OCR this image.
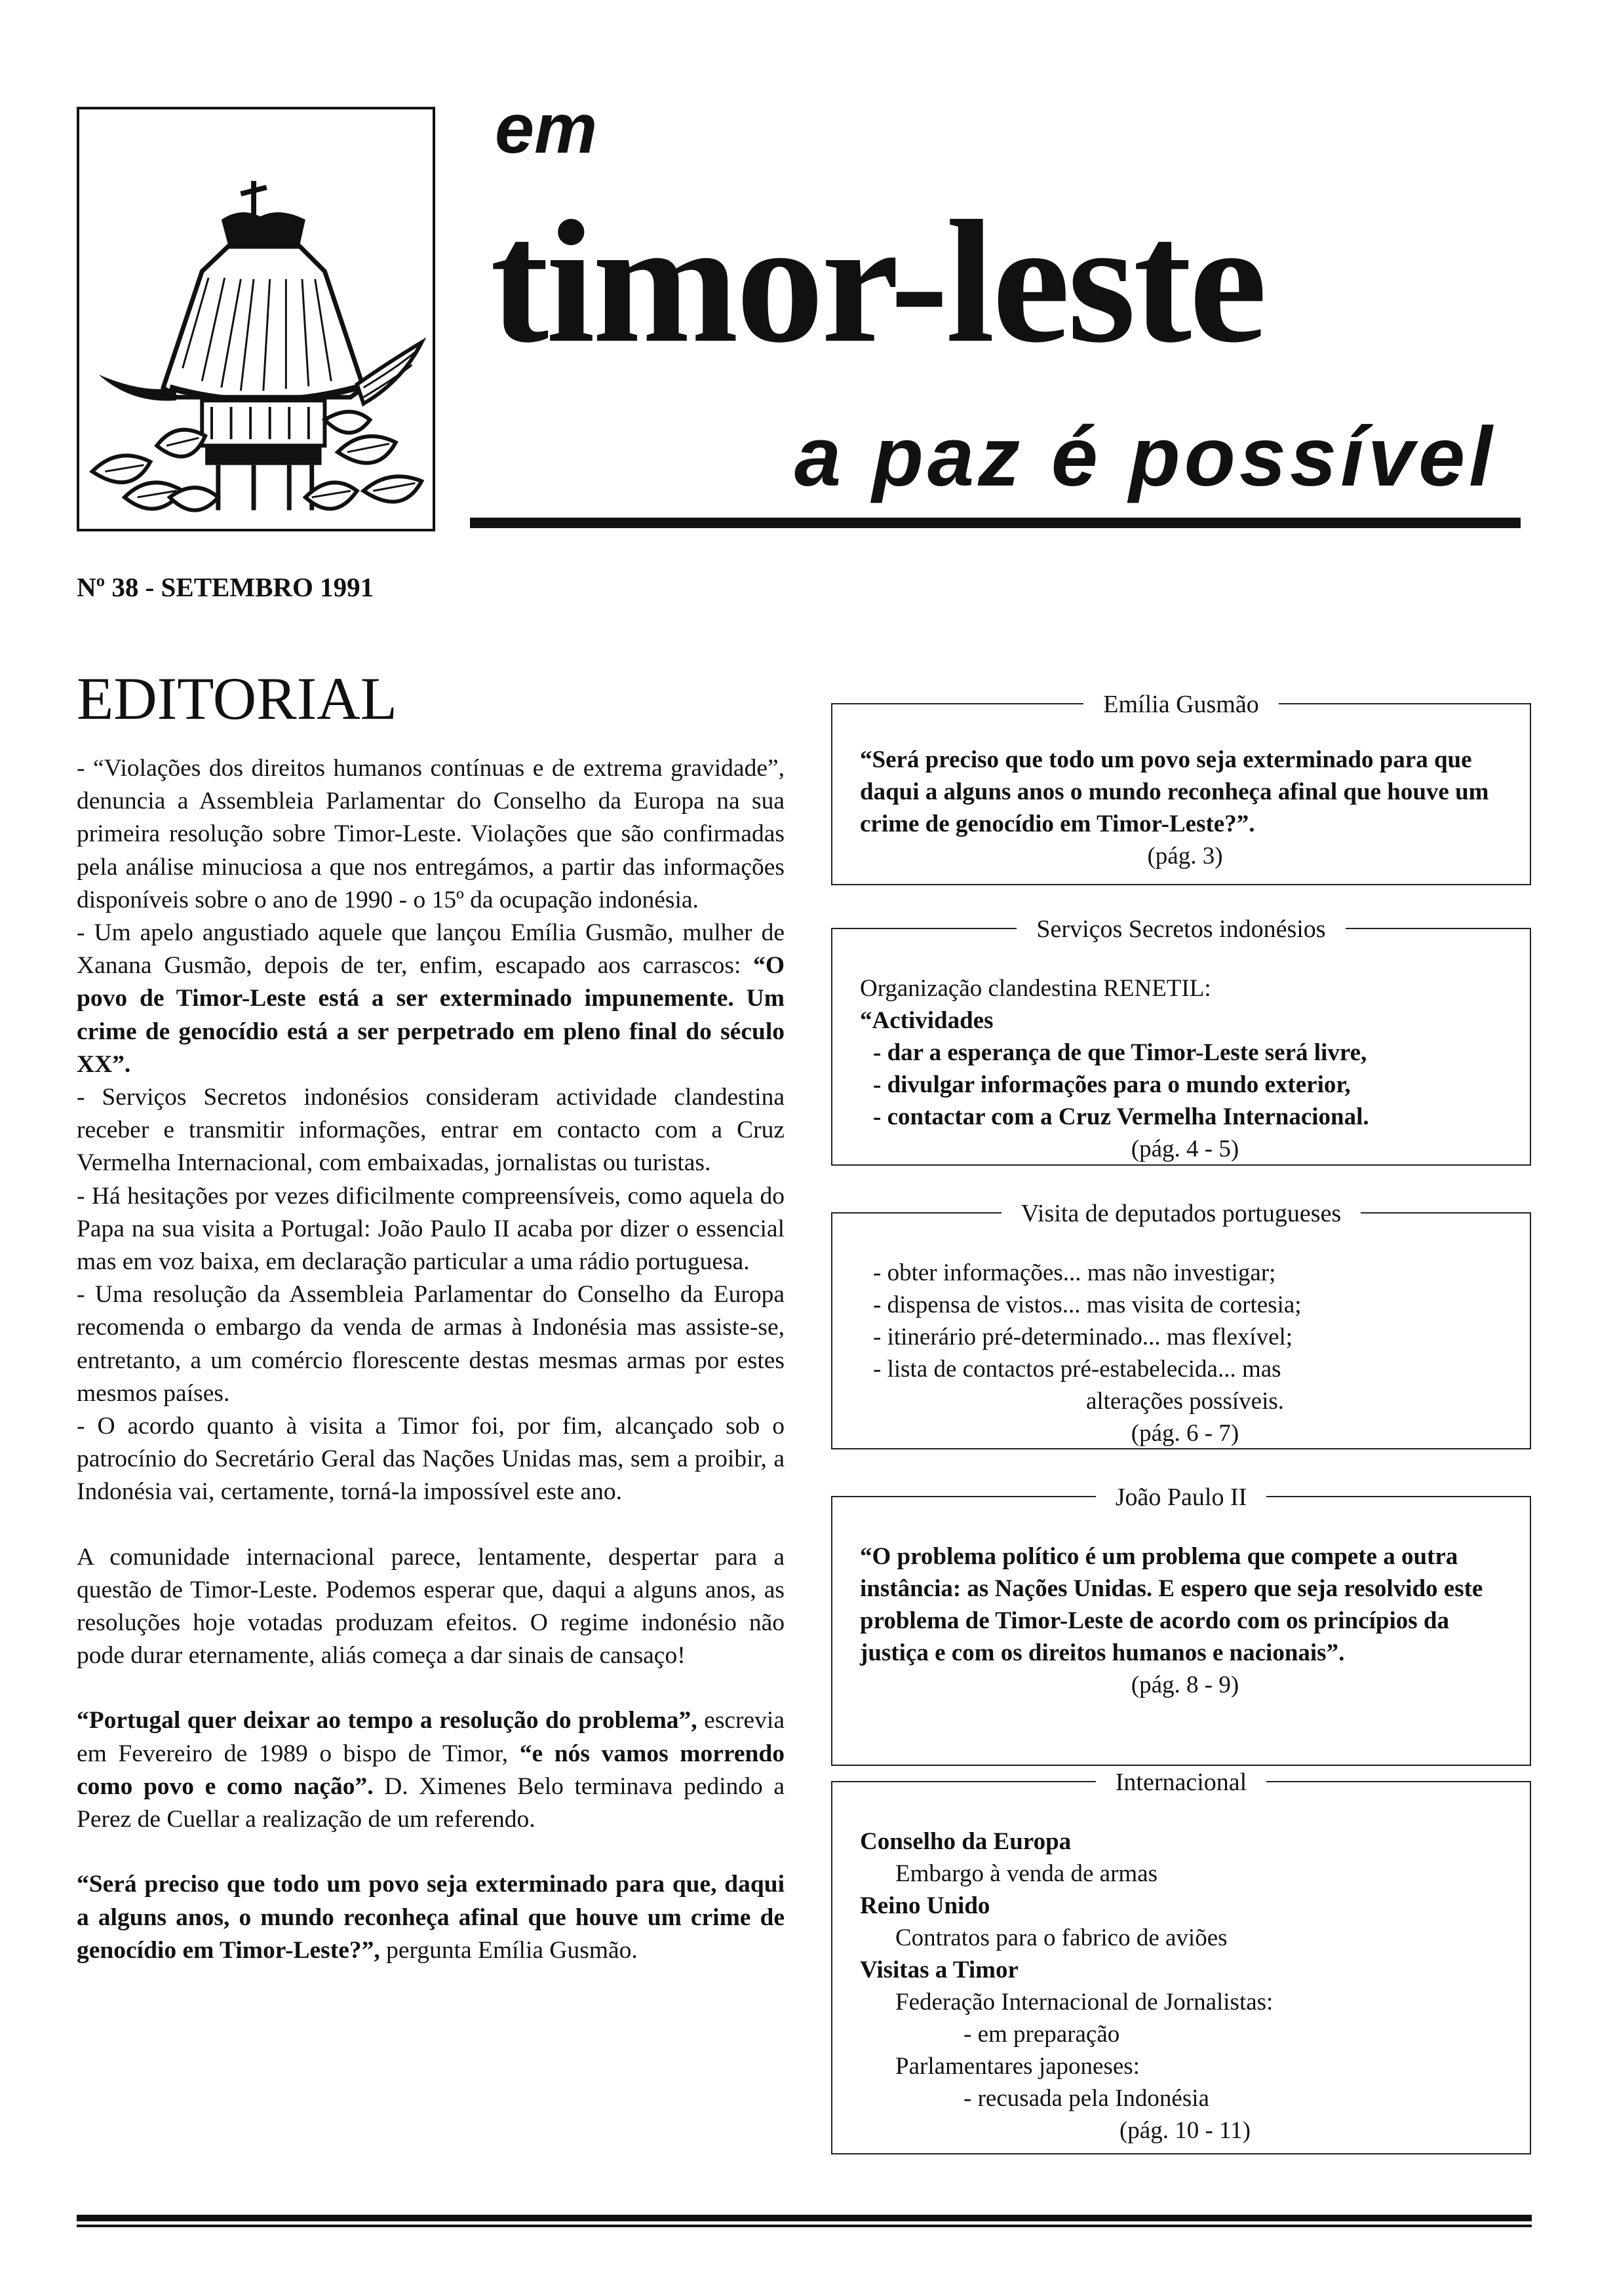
em
timor-leste
a paz é possível
Nº 38 - SETEMBRO 1991
EDITORIAL

- “Violações dos direitos humanos contínuas e de extrema gravidade”, denuncia a Assembleia Parlamentar do Conselho da Europa na sua primeira resolução sobre Timor-Leste. Violações que são confirmadas pela análise minuciosa a que nos entregámos, a partir das informações disponíveis sobre o ano de 1990 - o 15º da ocupação indonésia.

- Um apelo angustiado aquele que lançou Emília Gusmão, mulher de Xanana Gusmão, depois de ter, enfim, escapado aos carrascos: “O povo de Timor-Leste está a ser exterminado impunemente. Um crime de genocídio está a ser perpetrado em pleno final do século XX”.

- Serviços Secretos indonésios consideram actividade clandestina receber e transmitir informações, entrar em contacto com a Cruz Vermelha Internacional, com embaixadas, jornalistas ou turistas.

- Há hesitações por vezes dificilmente compreensíveis, como aquela do Papa na sua visita a Portugal: João Paulo II acaba por dizer o essencial mas em voz baixa, em declaração particular a uma rádio portuguesa.

- Uma resolução da Assembleia Parlamentar do Conselho da Europa recomenda o embargo da venda de armas à Indonésia mas assiste-se, entretanto, a um comércio florescente destas mesmas armas por estes mesmos países.

- O acordo quanto à visita a Timor foi, por fim, alcançado sob o patrocínio do Secretário Geral das Nações Unidas mas, sem a proibir, a Indonésia vai, certamente, torná-la impossível este ano.

A comunidade internacional parece, lentamente, despertar para a questão de Timor-Leste. Podemos esperar que, daqui a alguns anos, as resoluções hoje votadas produzam efeitos. O regime indonésio não pode durar eternamente, aliás começa a dar sinais de cansaço!

“Portugal quer deixar ao tempo a resolução do problema”, escrevia em Fevereiro de 1989 o bispo de Timor, “e nós vamos morrendo como povo e como nação”. D. Ximenes Belo terminava pedindo a Perez de Cuellar a realização de um referendo.

“Será preciso que todo um povo seja exterminado para que, daqui a alguns anos, o mundo reconheça afinal que houve um crime de genocídio em Timor-Leste?”, pergunta Emília Gusmão.

Emília Gusmão
“Será preciso que todo um povo seja exterminado para que daqui a alguns anos o mundo reconheça afinal que houve um crime de genocídio em Timor-Leste?”.
(pág. 3)
Serviços Secretos indonésios
Organização clandestina RENETIL:
“Actividades
- dar a esperança de que Timor-Leste será livre,
- divulgar informações para o mundo exterior,
- contactar com a Cruz Vermelha Internacional.
(pág. 4 - 5)
Visita de deputados portugueses
- obter informações... mas não investigar;
- dispensa de vistos... mas visita de cortesia;
- itinerário pré-determinado... mas flexível;
- lista de contactos pré-estabelecida... mas
alterações possíveis.
(pág. 6 - 7)
João Paulo II
“O problema político é um problema que compete a outra instância: as Nações Unidas. E espero que seja resolvido este problema de Timor-Leste de acordo com os princípios da justiça e com os direitos humanos e nacionais”.
(pág. 8 - 9)
Internacional
Conselho da Europa
Embargo à venda de armas
Reino Unido
Contratos para o fabrico de aviões
Visitas a Timor
Federação Internacional de Jornalistas:
- em preparação
Parlamentares japoneses:
- recusada pela Indonésia
(pág. 10 - 11)
